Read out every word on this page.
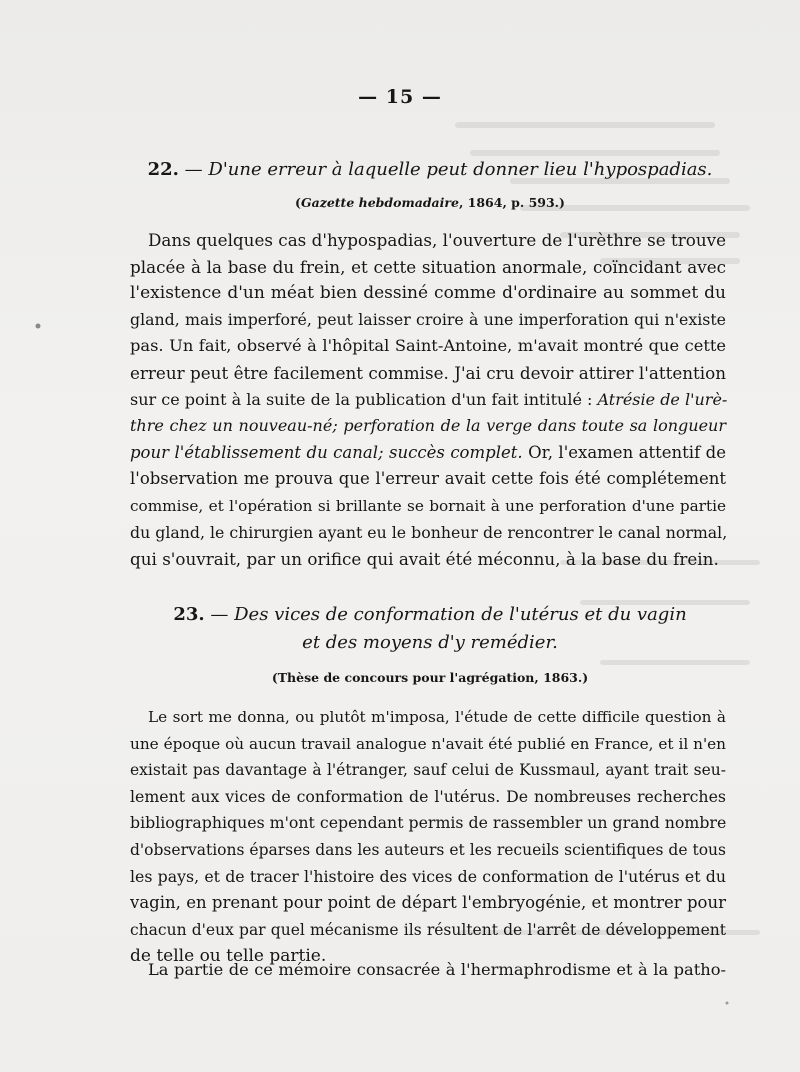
— 15 —
22. — D'une erreur à laquelle peut donner lieu l'hypospadias.
(Gazette hebdomadaire, 1864, p. 593.)
Dans quelques cas d'hypospadias, l'ouverture de l'urèthre se trouve
placée à la base du frein, et cette situation anormale, coïncidant avec
l'existence d'un méat bien dessiné comme d'ordinaire au sommet du
gland, mais imperforé, peut laisser croire à une imperforation qui n'existe
pas. Un fait, observé à l'hôpital Saint-Antoine, m'avait montré que cette
erreur peut être facilement commise. J'ai cru devoir attirer l'attention
sur ce point à la suite de la publication d'un fait intitulé : Atrésie de l'urè-
thre chez un nouveau-né; perforation de la verge dans toute sa longueur
pour l'établissement du canal; succès complet. Or, l'examen attentif de
l'observation me prouva que l'erreur avait cette fois été complétement
commise, et l'opération si brillante se bornait à une perforation d'une partie
du gland, le chirurgien ayant eu le bonheur de rencontrer le canal normal,
qui s'ouvrait, par un orifice qui avait été méconnu, à la base du frein.
23. — Des vices de conformation de l'utérus et du vagin
et des moyens d'y remédier.
(Thèse de concours pour l'agrégation, 1863.)
Le sort me donna, ou plutôt m'imposa, l'étude de cette difficile question à
une époque où aucun travail analogue n'avait été publié en France, et il n'en
existait pas davantage à l'étranger, sauf celui de Kussmaul, ayant trait seu-
lement aux vices de conformation de l'utérus. De nombreuses recherches
bibliographiques m'ont cependant permis de rassembler un grand nombre
d'observations éparses dans les auteurs et les recueils scientifiques de tous
les pays, et de tracer l'histoire des vices de conformation de l'utérus et du
vagin, en prenant pour point de départ l'embryogénie, et montrer pour
chacun d'eux par quel mécanisme ils résultent de l'arrêt de développement
de telle ou telle partie.
La partie de ce mémoire consacrée à l'hermaphrodisme et à la patho-
